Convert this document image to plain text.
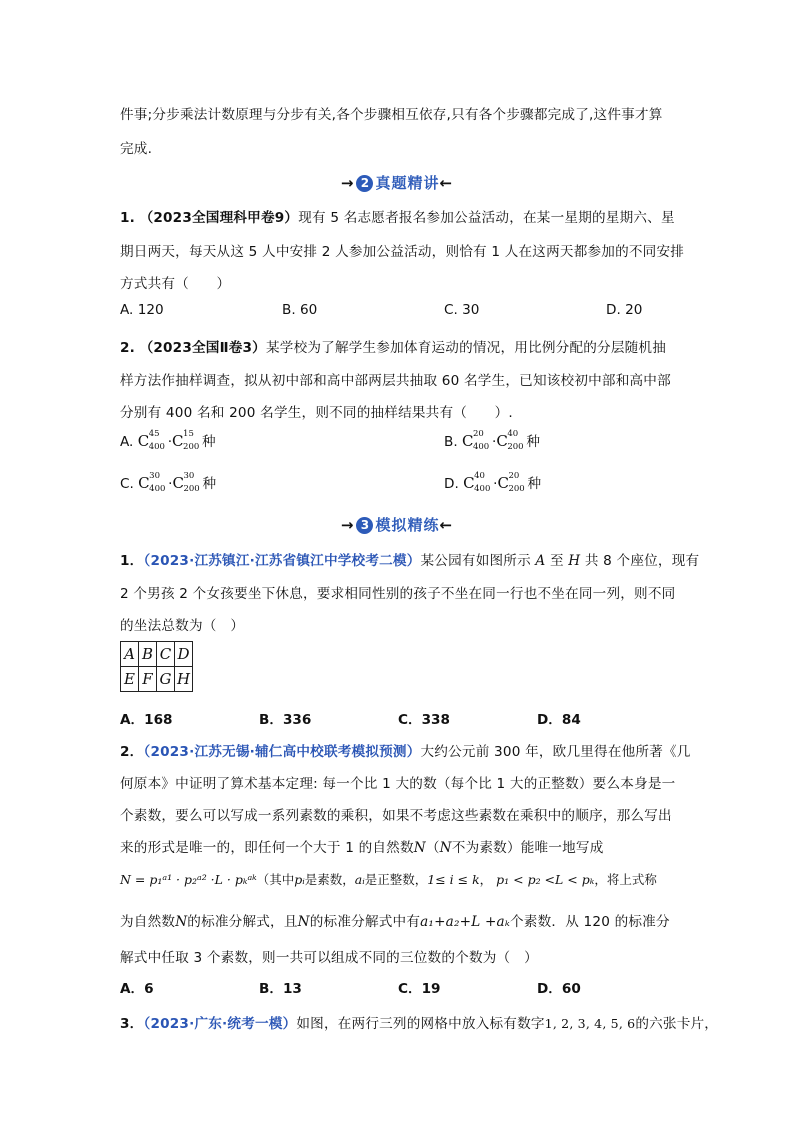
件事;分步乘法计数原理与分步有关,各个步骤相互依存,只有各个步骤都完成了,这件事才算
完成.
→ 2 真题精讲←
1. （2023全国理科甲卷9）现有 5 名志愿者报名参加公益活动，在某一星期的星期六、星
期日两天，每天从这 5 人中安排 2 人参加公益活动，则恰有 1 人在这两天都参加的不同安排
方式共有（　　）
A. 120	B. 60	C. 30	D. 20
2. （2023全国Ⅱ卷3）某学校为了解学生参加体育运动的情况，用比例分配的分层随机抽
样方法作抽样调查，拟从初中部和高中部两层共抽取 60 名学生，已知该校初中部和高中部
分别有 400 名和 200 名学生，则不同的抽样结果共有（　　）.
A. C 45
400 · C 15
200 种	B. C 20
400 · C 40
200 种
C. C 30
400 · C 30
200 种	D. C 40
400 · C 20
200 种
→ 3 模拟精练←
1．（2023·江苏镇江·江苏省镇江中学校考二模）某公园有如图所示 A 至 H 共 8 个座位，现有
2 个男孩 2 个女孩要坐下休息，要求相同性别的孩子不坐在同一行也不坐在同一列，则不同
的坐法总数为（　）
A	B	C	D
E	F	G	H
A．168	B．336	C．338	D．84
2．（2023·江苏无锡·辅仁高中校联考模拟预测）大约公元前 300 年，欧几里得在他所著《几
何原本》中证明了算术基本定理: 每一个比 1 大的数（每个比 1 大的正整数）要么本身是一
个素数，要么可以写成一系列素数的乘积，如果不考虑这些素数在乘积中的顺序，那么写出
来的形式是唯一的，即任何一个大于 1 的自然数N（N不为素数）能唯一地写成
N = p₁ᵃ¹ · p₂ᵃ² ·L · pₖᵃᵏ（其中pᵢ是素数，aᵢ是正整数，1≤ i ≤ k， p₁ < p₂ <L < pₖ，将上式称
为自然数N的标准分解式，且N的标准分解式中有a₁+a₂+L +aₖ个素数．从 120 的标准分
解式中任取 3 个素数，则一共可以组成不同的三位数的个数为（　）
A．6	B．13	C．19	D．60
3．（2023·广东·统考一模）如图，在两行三列的网格中放入标有数字1, 2, 3, 4, 5, 6的六张卡片，
